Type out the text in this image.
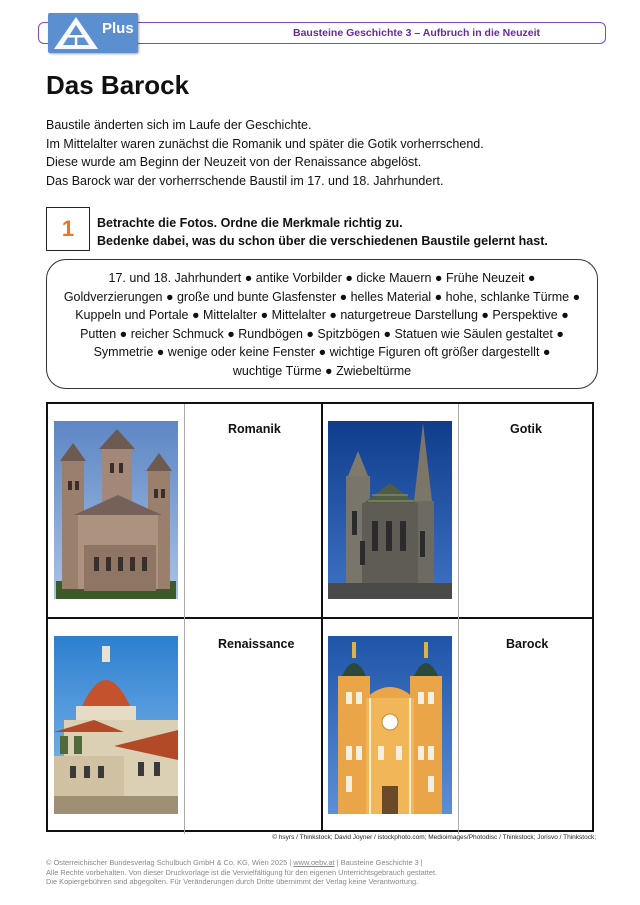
Bausteine Geschichte 3 – Aufbruch in die Neuzeit
Plus
Das Barock
Baustile änderten sich im Laufe der Geschichte.
Im Mittelalter waren zunächst die Romanik und später die Gotik vorherrschend.
Diese wurde am Beginn der Neuzeit von der Renaissance abgelöst.
Das Barock war der vorherrschende Baustil im 17. und 18. Jahrhundert.
1	Betrachte die Fotos. Ordne die Merkmale richtig zu.
Bedenke dabei, was du schon über die verschiedenen Baustile gelernt hast.
17. und 18. Jahrhundert ● antike Vorbilder ● dicke Mauern ● Frühe Neuzeit ●
Goldverzierungen ● große und bunte Glasfenster ● helles Material ● hohe, schlanke Türme ●
Kuppeln und Portale ● Mittelalter ● Mittelalter ● naturgetreue Darstellung ● Perspektive ●
Putten ● reicher Schmuck ● Rundbögen ● Spitzbögen ● Statuen wie Säulen gestaltet ●
Symmetrie ● wenige oder keine Fenster ● wichtige Figuren oft größer dargestellt ●
wuchtige Türme ● Zwiebeltürme
Romanik	Gotik
Renaissance	Barock
© hsyrs / Thinkstock; David Joyner / istockphoto.com; Medioimages/Photodisc / Thinkstock; Jorisvo / Thinkstock;
© Österreichischer Bundesverlag Schulbuch GmbH & Co. KG, Wien 2025 | www.oebv.at | Bausteine Geschichte 3 |
Alle Rechte vorbehalten. Von dieser Druckvorlage ist die Vervielfältigung für den eigenen Unterrichtsgebrauch gestattet.
Die Kopiergebühren sind abgegolten. Für Veränderungen durch Dritte übernimmt der Verlag keine Verantwortung.
